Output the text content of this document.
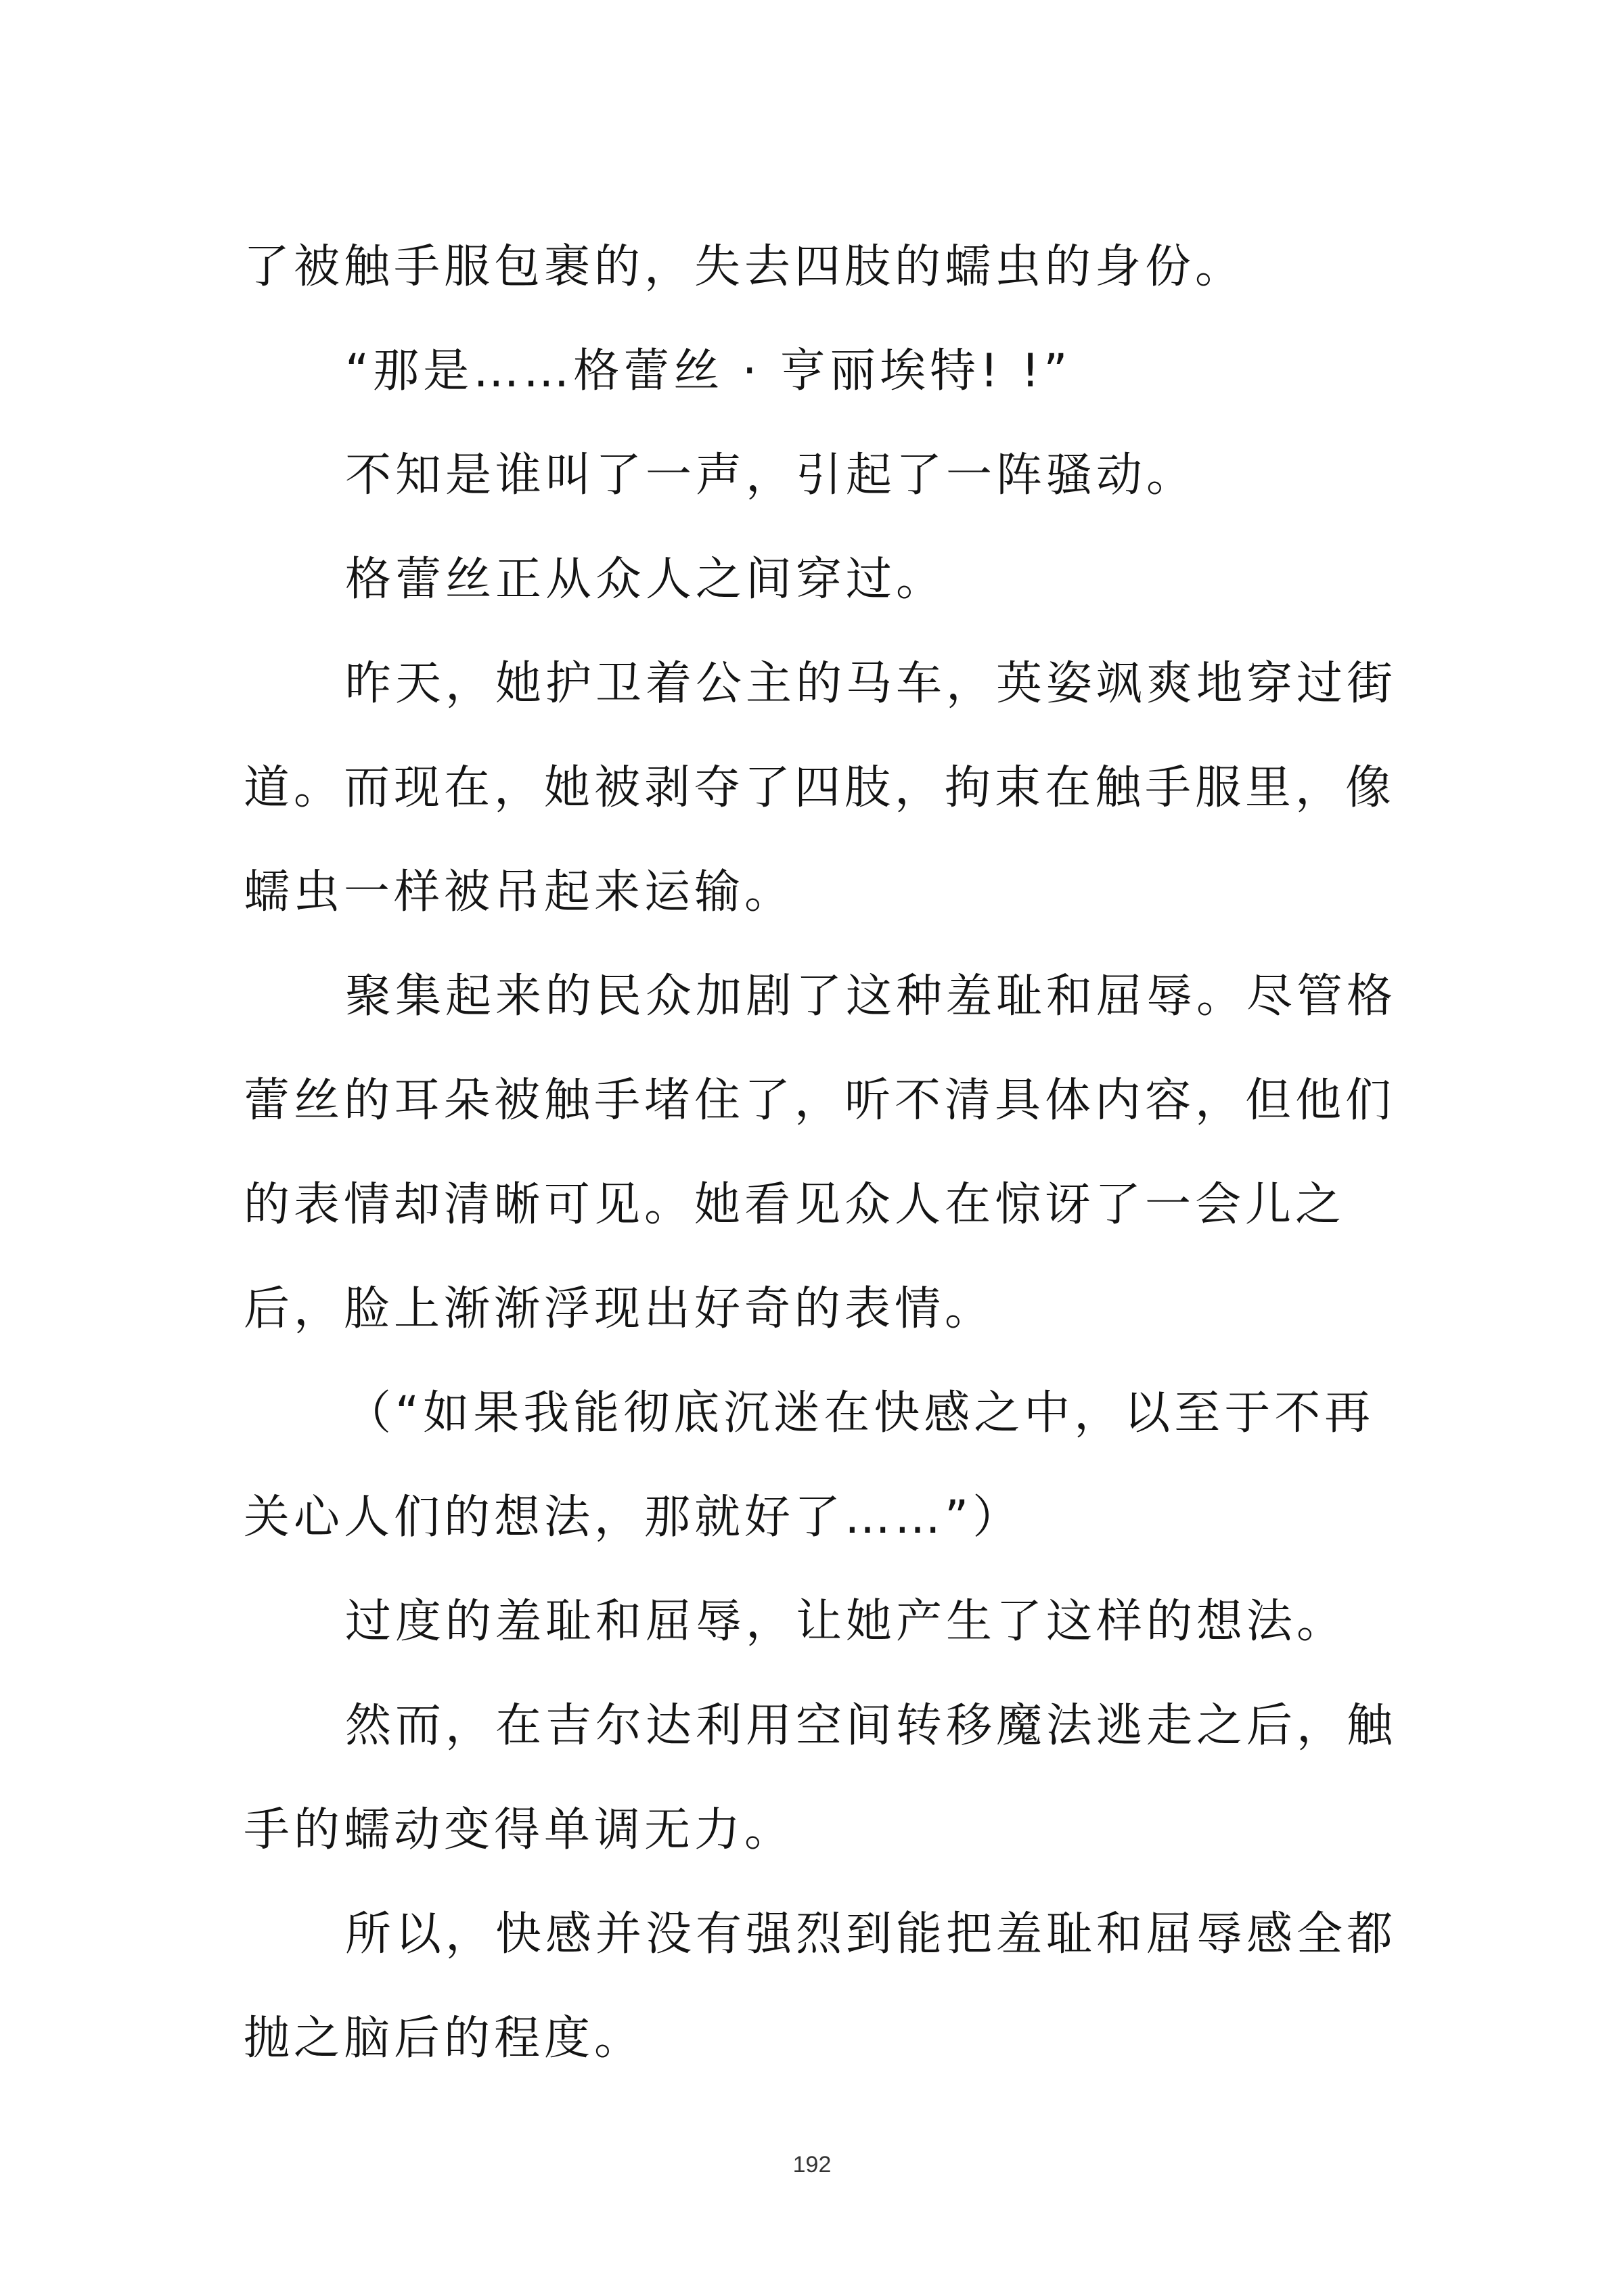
了被触手服包裹的，失去四肢的蠕虫的身份。

“那是……格蕾丝 · 亨丽埃特! !”

不知是谁叫了一声，引起了一阵骚动。

格蕾丝正从众人之间穿过。

昨天，她护卫着公主的马车，英姿飒爽地穿过街道。而现在，她被剥夺了四肢，拘束在触手服里，像蠕虫一样被吊起来运输。

聚集起来的民众加剧了这种羞耻和屈辱。尽管格蕾丝的耳朵被触手堵住了，听不清具体内容，但他们的表情却清晰可见。她看见众人在惊讶了一会儿之后，脸上渐渐浮现出好奇的表情。

（“如果我能彻底沉迷在快感之中，以至于不再关心人们的想法，那就好了……”）

过度的羞耻和屈辱，让她产生了这样的想法。

然而，在吉尔达利用空间转移魔法逃走之后，触手的蠕动变得单调无力。

所以，快感并没有强烈到能把羞耻和屈辱感全都抛之脑后的程度。

192
